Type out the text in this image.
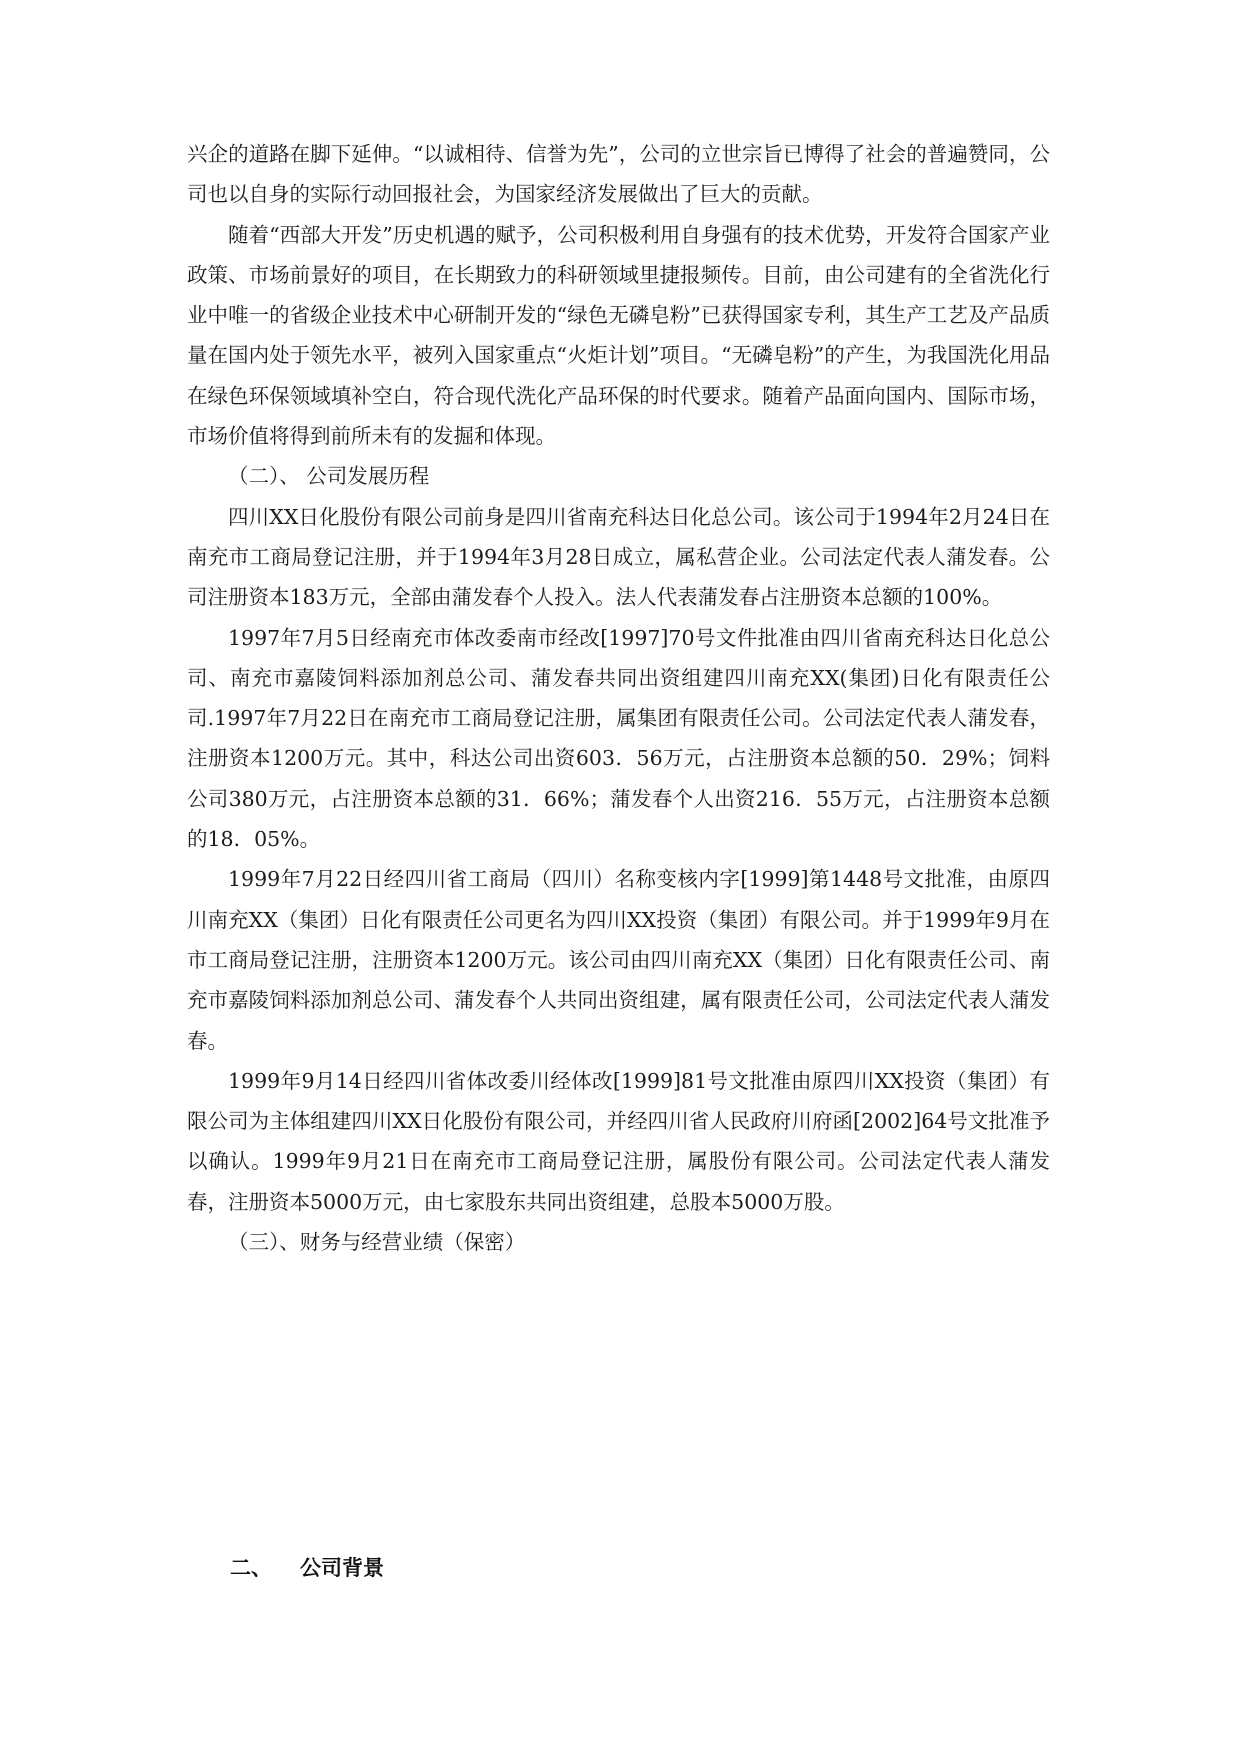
兴企的道路在脚下延伸。“以诚相待、信誉为先”，公司的立世宗旨已博得了社会的普遍赞同，公司也以自身的实际行动回报社会，为国家经济发展做出了巨大的贡献。

随着“西部大开发”历史机遇的赋予，公司积极利用自身强有的技术优势，开发符合国家产业政策、市场前景好的项目，在长期致力的科研领域里捷报频传。目前，由公司建有的全省洗化行业中唯一的省级企业技术中心研制开发的“绿色无磷皂粉”已获得国家专利，其生产工艺及产品质量在国内处于领先水平，被列入国家重点“火炬计划”项目。“无磷皂粉”的产生，为我国洗化用品在绿色环保领域填补空白，符合现代洗化产品环保的时代要求。随着产品面向国内、国际市场，市场价值将得到前所未有的发掘和体现。

（二）、 公司发展历程

四川XX日化股份有限公司前身是四川省南充科达日化总公司。该公司于1994年2月24日在南充市工商局登记注册，并于1994年3月28日成立，属私营企业。公司法定代表人蒲发春。公司注册资本183万元，全部由蒲发春个人投入。法人代表蒲发春占注册资本总额的100%。

1997年7月5日经南充市体改委南市经改[1997]70号文件批准由四川省南充科达日化总公司、南充市嘉陵饲料添加剂总公司、蒲发春共同出资组建四川南充XX(集团)日化有限责任公司.1997年7月22日在南充市工商局登记注册，属集团有限责任公司。公司法定代表人蒲发春，注册资本1200万元。其中，科达公司出资603．56万元，占注册资本总额的50．29%；饲料公司380万元，占注册资本总额的31．66%；蒲发春个人出资216．55万元，占注册资本总额的18．05%。

1999年7月22日经四川省工商局（四川）名称变核内字[1999]第1448号文批准，由原四川南充XX（集团）日化有限责任公司更名为四川XX投资（集团）有限公司。并于1999年9月在市工商局登记注册，注册资本1200万元。该公司由四川南充XX（集团）日化有限责任公司、南充市嘉陵饲料添加剂总公司、蒲发春个人共同出资组建，属有限责任公司，公司法定代表人蒲发春。

1999年9月14日经四川省体改委川经体改[1999]81号文批准由原四川XX投资（集团）有限公司为主体组建四川XX日化股份有限公司，并经四川省人民政府川府函[2002]64号文批准予以确认。1999年9月21日在南充市工商局登记注册，属股份有限公司。公司法定代表人蒲发春，注册资本5000万元，由七家股东共同出资组建，总股本5000万股。

（三）、财务与经营业绩（保密）

二、 公司背景
